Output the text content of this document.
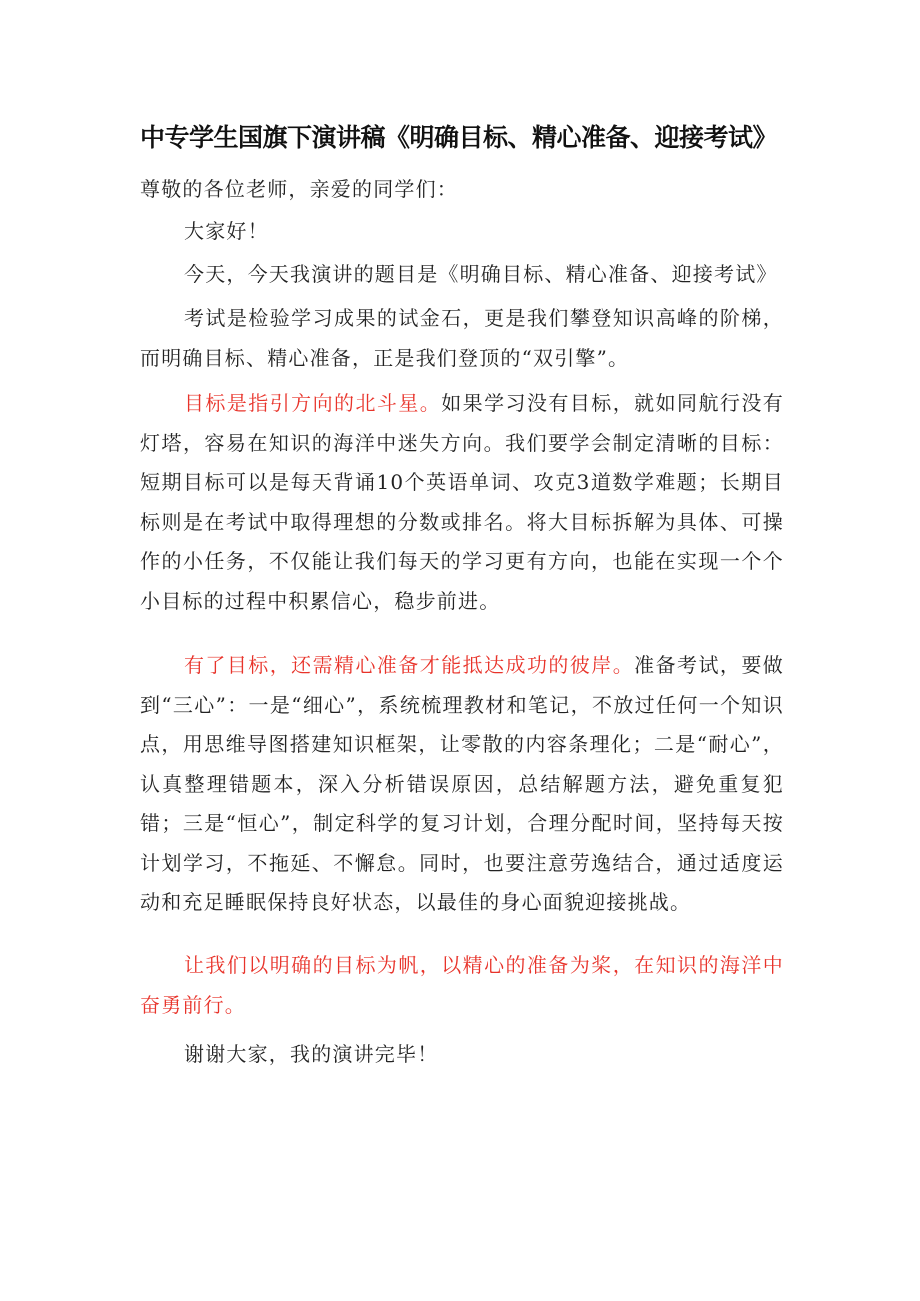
中专学生国旗下演讲稿《明确目标、精心准备、迎接考试》
尊敬的各位老师，亲爱的同学们：
大家好！
今天，今天我演讲的题目是《明确目标、精心准备、迎接考试》
考试是检验学习成果的试金石，更是我们攀登知识高峰的阶梯，而明确目标、精心准备，正是我们登顶的“双引擎”。
目标是指引方向的北斗星。如果学习没有目标，就如同航行没有灯塔，容易在知识的海洋中迷失方向。我们要学会制定清晰的目标：短期目标可以是每天背诵10个英语单词、攻克3道数学难题；长期目标则是在考试中取得理想的分数或排名。将大目标拆解为具体、可操作的小任务，不仅能让我们每天的学习更有方向，也能在实现一个个小目标的过程中积累信心，稳步前进。
有了目标，还需精心准备才能抵达成功的彼岸。准备考试，要做到“三心”：一是“细心”，系统梳理教材和笔记，不放过任何一个知识点，用思维导图搭建知识框架，让零散的内容条理化；二是“耐心”，认真整理错题本，深入分析错误原因，总结解题方法，避免重复犯错；三是“恒心”，制定科学的复习计划，合理分配时间，坚持每天按计划学习，不拖延、不懈怠。同时，也要注意劳逸结合，通过适度运动和充足睡眠保持良好状态，以最佳的身心面貌迎接挑战。
让我们以明确的目标为帆，以精心的准备为桨，在知识的海洋中奋勇前行。
谢谢大家，我的演讲完毕！
